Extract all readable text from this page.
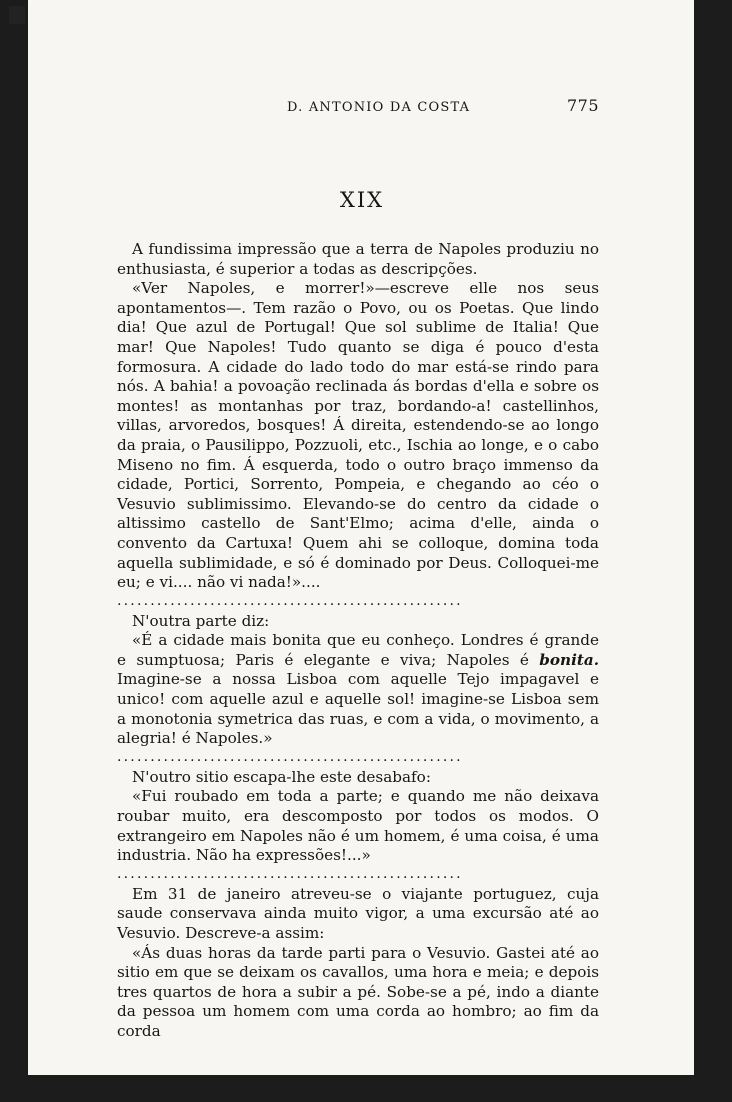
D. ANTONIO DA COSTA	775
XIX

A fundissima impressão que a terra de Napoles produziu no enthusiasta, é superior a todas as descripções.

«Ver Napoles, e morrer!»—escreve elle nos seus apontamentos—. Tem razão o Povo, ou os Poetas. Que lindo dia! Que azul de Portugal! Que sol sublime de Italia! Que mar! Que Napoles! Tudo quanto se diga é pouco d'esta formosura. A cidade do lado todo do mar está-se rindo para nós. A bahia! a povoação reclinada ás bordas d'ella e sobre os montes! as montanhas por traz, bordando-a! castellinhos, villas, arvoredos, bosques! Á direita, estendendo-se ao longo da praia, o Pausilippo, Pozzuoli, etc., Ischia ao longe, e o cabo Miseno no fim. Á esquerda, todo o outro braço immenso da cidade, Portici, Sorrento, Pompeia, e chegando ao céo o Vesuvio sublimissimo. Elevando-se do centro da cidade o altissimo castello de Sant'Elmo; acima d'elle, ainda o convento da Cartuxa! Quem ahi se colloque, domina toda aquella sublimidade, e só é dominado por Deus. Colloquei-me eu; e vi.... não vi nada!»....

....................................................

N'outra parte diz:

«É a cidade mais bonita que eu conheço. Londres é grande e sumptuosa; Paris é elegante e viva; Napoles é bonita. Imagine-se a nossa Lisboa com aquelle Tejo impagavel e unico! com aquelle azul e aquelle sol! imagine-se Lisboa sem a monotonia symetrica das ruas, e com a vida, o movimento, a alegria! é Napoles.»

....................................................

N'outro sitio escapa-lhe este desabafo:

«Fui roubado em toda a parte; e quando me não deixava roubar muito, era descomposto por todos os modos. O extrangeiro em Napoles não é um homem, é uma coisa, é uma industria. Não ha expressões!...»

....................................................

Em 31 de janeiro atreveu-se o viajante portuguez, cuja saude conservava ainda muito vigor, a uma excursão até ao Vesuvio. Descreve-a assim:

«Ás duas horas da tarde parti para o Vesuvio. Gastei até ao sitio em que se deixam os cavallos, uma hora e meia; e depois tres quartos de hora a subir a pé. Sobe-se a pé, indo a diante da pessoa um homem com uma corda ao hombro; ao fim da corda
